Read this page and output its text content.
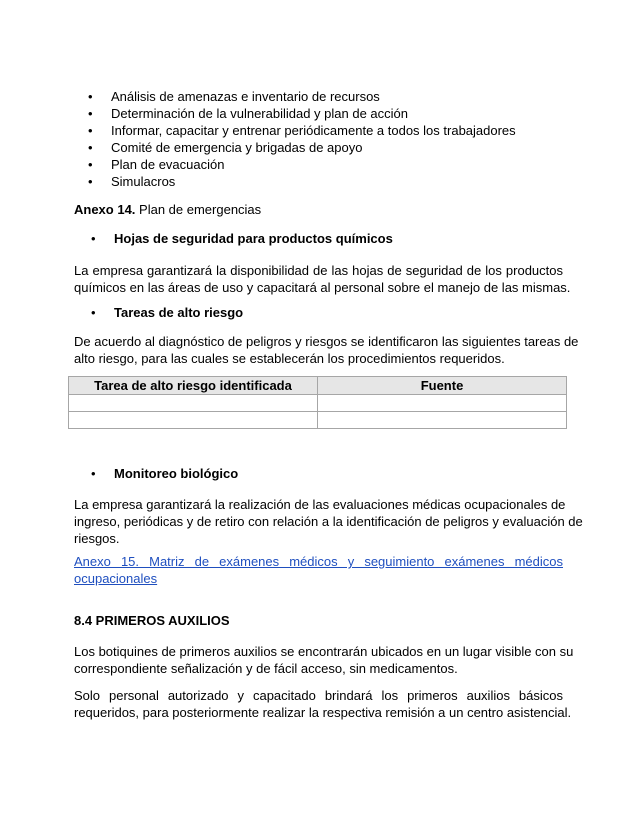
• Análisis de amenazas e inventario de recursos
• Determinación de la vulnerabilidad y plan de acción
• Informar, capacitar y entrenar periódicamente a todos los trabajadores
• Comité de emergencia y brigadas de apoyo
• Plan de evacuación
• Simulacros
Anexo 14. Plan de emergencias
• Hojas de seguridad para productos químicos
La empresa garantizará la disponibilidad de las hojas de seguridad de los productos
químicos en las áreas de uso y capacitará al personal sobre el manejo de las mismas.
• Tareas de alto riesgo
De acuerdo al diagnóstico de peligros y riesgos se identificaron las siguientes tareas de
alto riesgo, para las cuales se establecerán los procedimientos requeridos.
Tarea de alto riesgo identificada	Fuente

• Monitoreo biológico
La empresa garantizará la realización de las evaluaciones médicas ocupacionales de
ingreso, periódicas y de retiro con relación a la identificación de peligros y evaluación de
riesgos.
Anexo 15. Matriz de exámenes médicos y seguimiento exámenes médicos
ocupacionales
8.4 PRIMEROS AUXILIOS
Los botiquines de primeros auxilios se encontrarán ubicados en un lugar visible con su
correspondiente señalización y de fácil acceso, sin medicamentos.
Solo personal autorizado y capacitado brindará los primeros auxilios básicos
requeridos, para posteriormente realizar la respectiva remisión a un centro asistencial.
